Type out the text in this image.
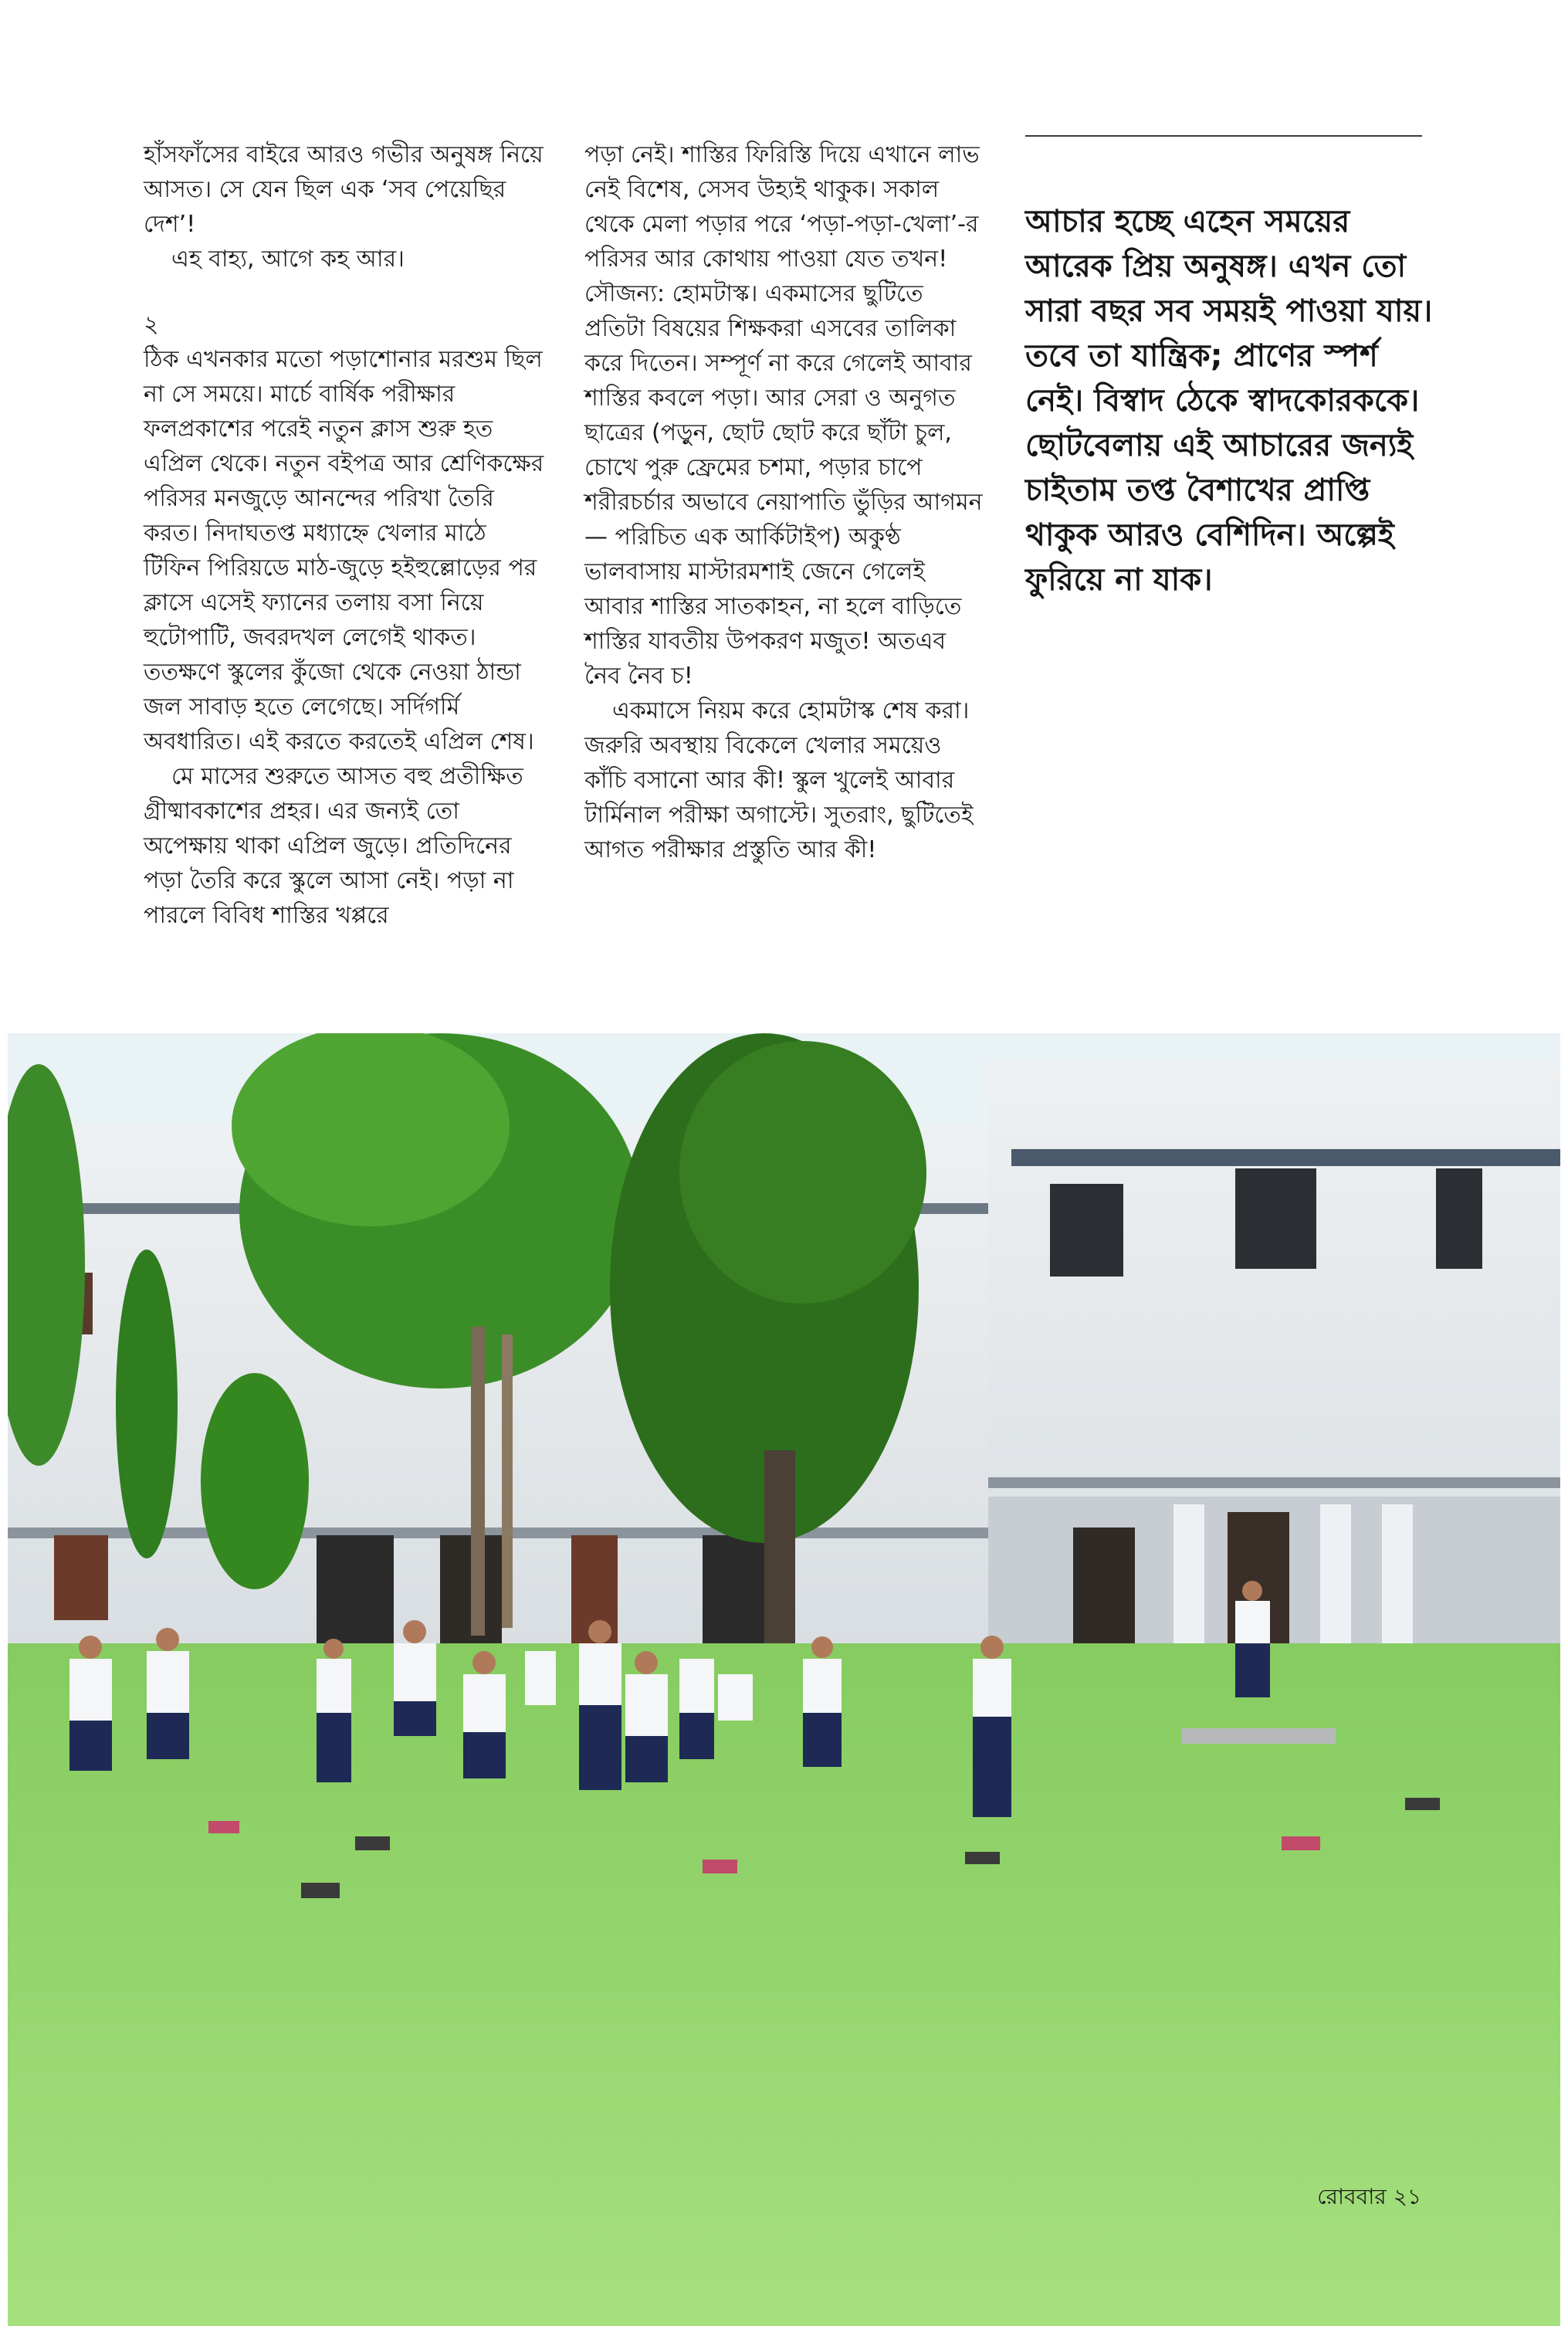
হাঁসফাঁসের বাইরে আরও গভীর অনুষঙ্গ নিয়ে আসত। সে যেন ছিল এক ‘সব পেয়েছির দেশ’!

এহ বাহ্য, আগে কহ আর।

২

ঠিক এখনকার মতো পড়াশোনার মরশুম ছিল না সে সময়ে। মার্চে বার্ষিক পরীক্ষার ফলপ্রকাশের পরেই নতুন ক্লাস শুরু হত এপ্রিল থেকে। নতুন বইপত্র আর শ্রেণিকক্ষের পরিসর মনজুড়ে আনন্দের পরিখা তৈরি করত। নিদাঘতপ্ত মধ্যাহ্নে খেলার মাঠে টিফিন পিরিয়ডে মাঠ-জুড়ে হইহুল্লোড়ের পর ক্লাসে এসেই ফ্যানের তলায় বসা নিয়ে হুটোপাটি, জবরদখল লেগেই থাকত। ততক্ষণে স্কুলের কুঁজো থেকে নেওয়া ঠান্ডা জল সাবাড় হতে লেগেছে। সর্দিগর্মি অবধারিত। এই করতে করতেই এপ্রিল শেষ।

মে মাসের শুরুতে আসত বহু প্রতীক্ষিত গ্রীষ্মাবকাশের প্রহর। এর জন্যই তো অপেক্ষায় থাকা এপ্রিল জুড়ে। প্রতিদিনের পড়া তৈরি করে স্কুলে আসা নেই। পড়া না পারলে বিবিধ শাস্তির খপ্পরে

পড়া নেই। শাস্তির ফিরিস্তি দিয়ে এখানে লাভ নেই বিশেষ, সেসব উহ্যই থাকুক। সকাল থেকে মেলা পড়ার পরে ‘পড়া-পড়া-খেলা’-র পরিসর আর কোথায় পাওয়া যেত তখন! সৌজন্য: হোমটাস্ক। একমাসের ছুটিতে প্রতিটা বিষয়ের শিক্ষকরা এসবের তালিকা করে দিতেন। সম্পূর্ণ না করে গেলেই আবার শাস্তির কবলে পড়া। আর সেরা ও অনুগত ছাত্রের (পড়ুন, ছোট ছোট করে ছাঁটা চুল, চোখে পুরু ফ্রেমের চশমা, পড়ার চাপে শরীরচর্চার অভাবে নেয়াপাতি ভুঁড়ির আগমন— পরিচিত এক আর্কিটাইপ) অকুণ্ঠ ভালবাসায় মাস্টারমশাই জেনে গেলেই আবার শাস্তির সাতকাহন, না হলে বাড়িতে শাস্তির যাবতীয় উপকরণ মজুত! অতএব নৈব নৈব চ!

একমাসে নিয়ম করে হোমটাস্ক শেষ করা। জরুরি অবস্থায় বিকেলে খেলার সময়েও কাঁচি বসানো আর কী! স্কুল খুলেই আবার টার্মিনাল পরীক্ষা অগাস্টে। সুতরাং, ছুটিতেই আগত পরীক্ষার প্রস্তুতি আর কী!

আচার হচ্ছে এহেন সময়ের আরেক প্রিয় অনুষঙ্গ। এখন তো সারা বছর সব সময়ই পাওয়া যায়। তবে তা যান্ত্রিক; প্রাণের স্পর্শ নেই। বিস্বাদ ঠেকে স্বাদকোরককে। ছোটবেলায় এই আচারের জন্যই চাইতাম তপ্ত বৈশাখের প্রাপ্তি থাকুক আরও বেশিদিন। অল্পেই ফুরিয়ে না যাক।
রোববার ২১
